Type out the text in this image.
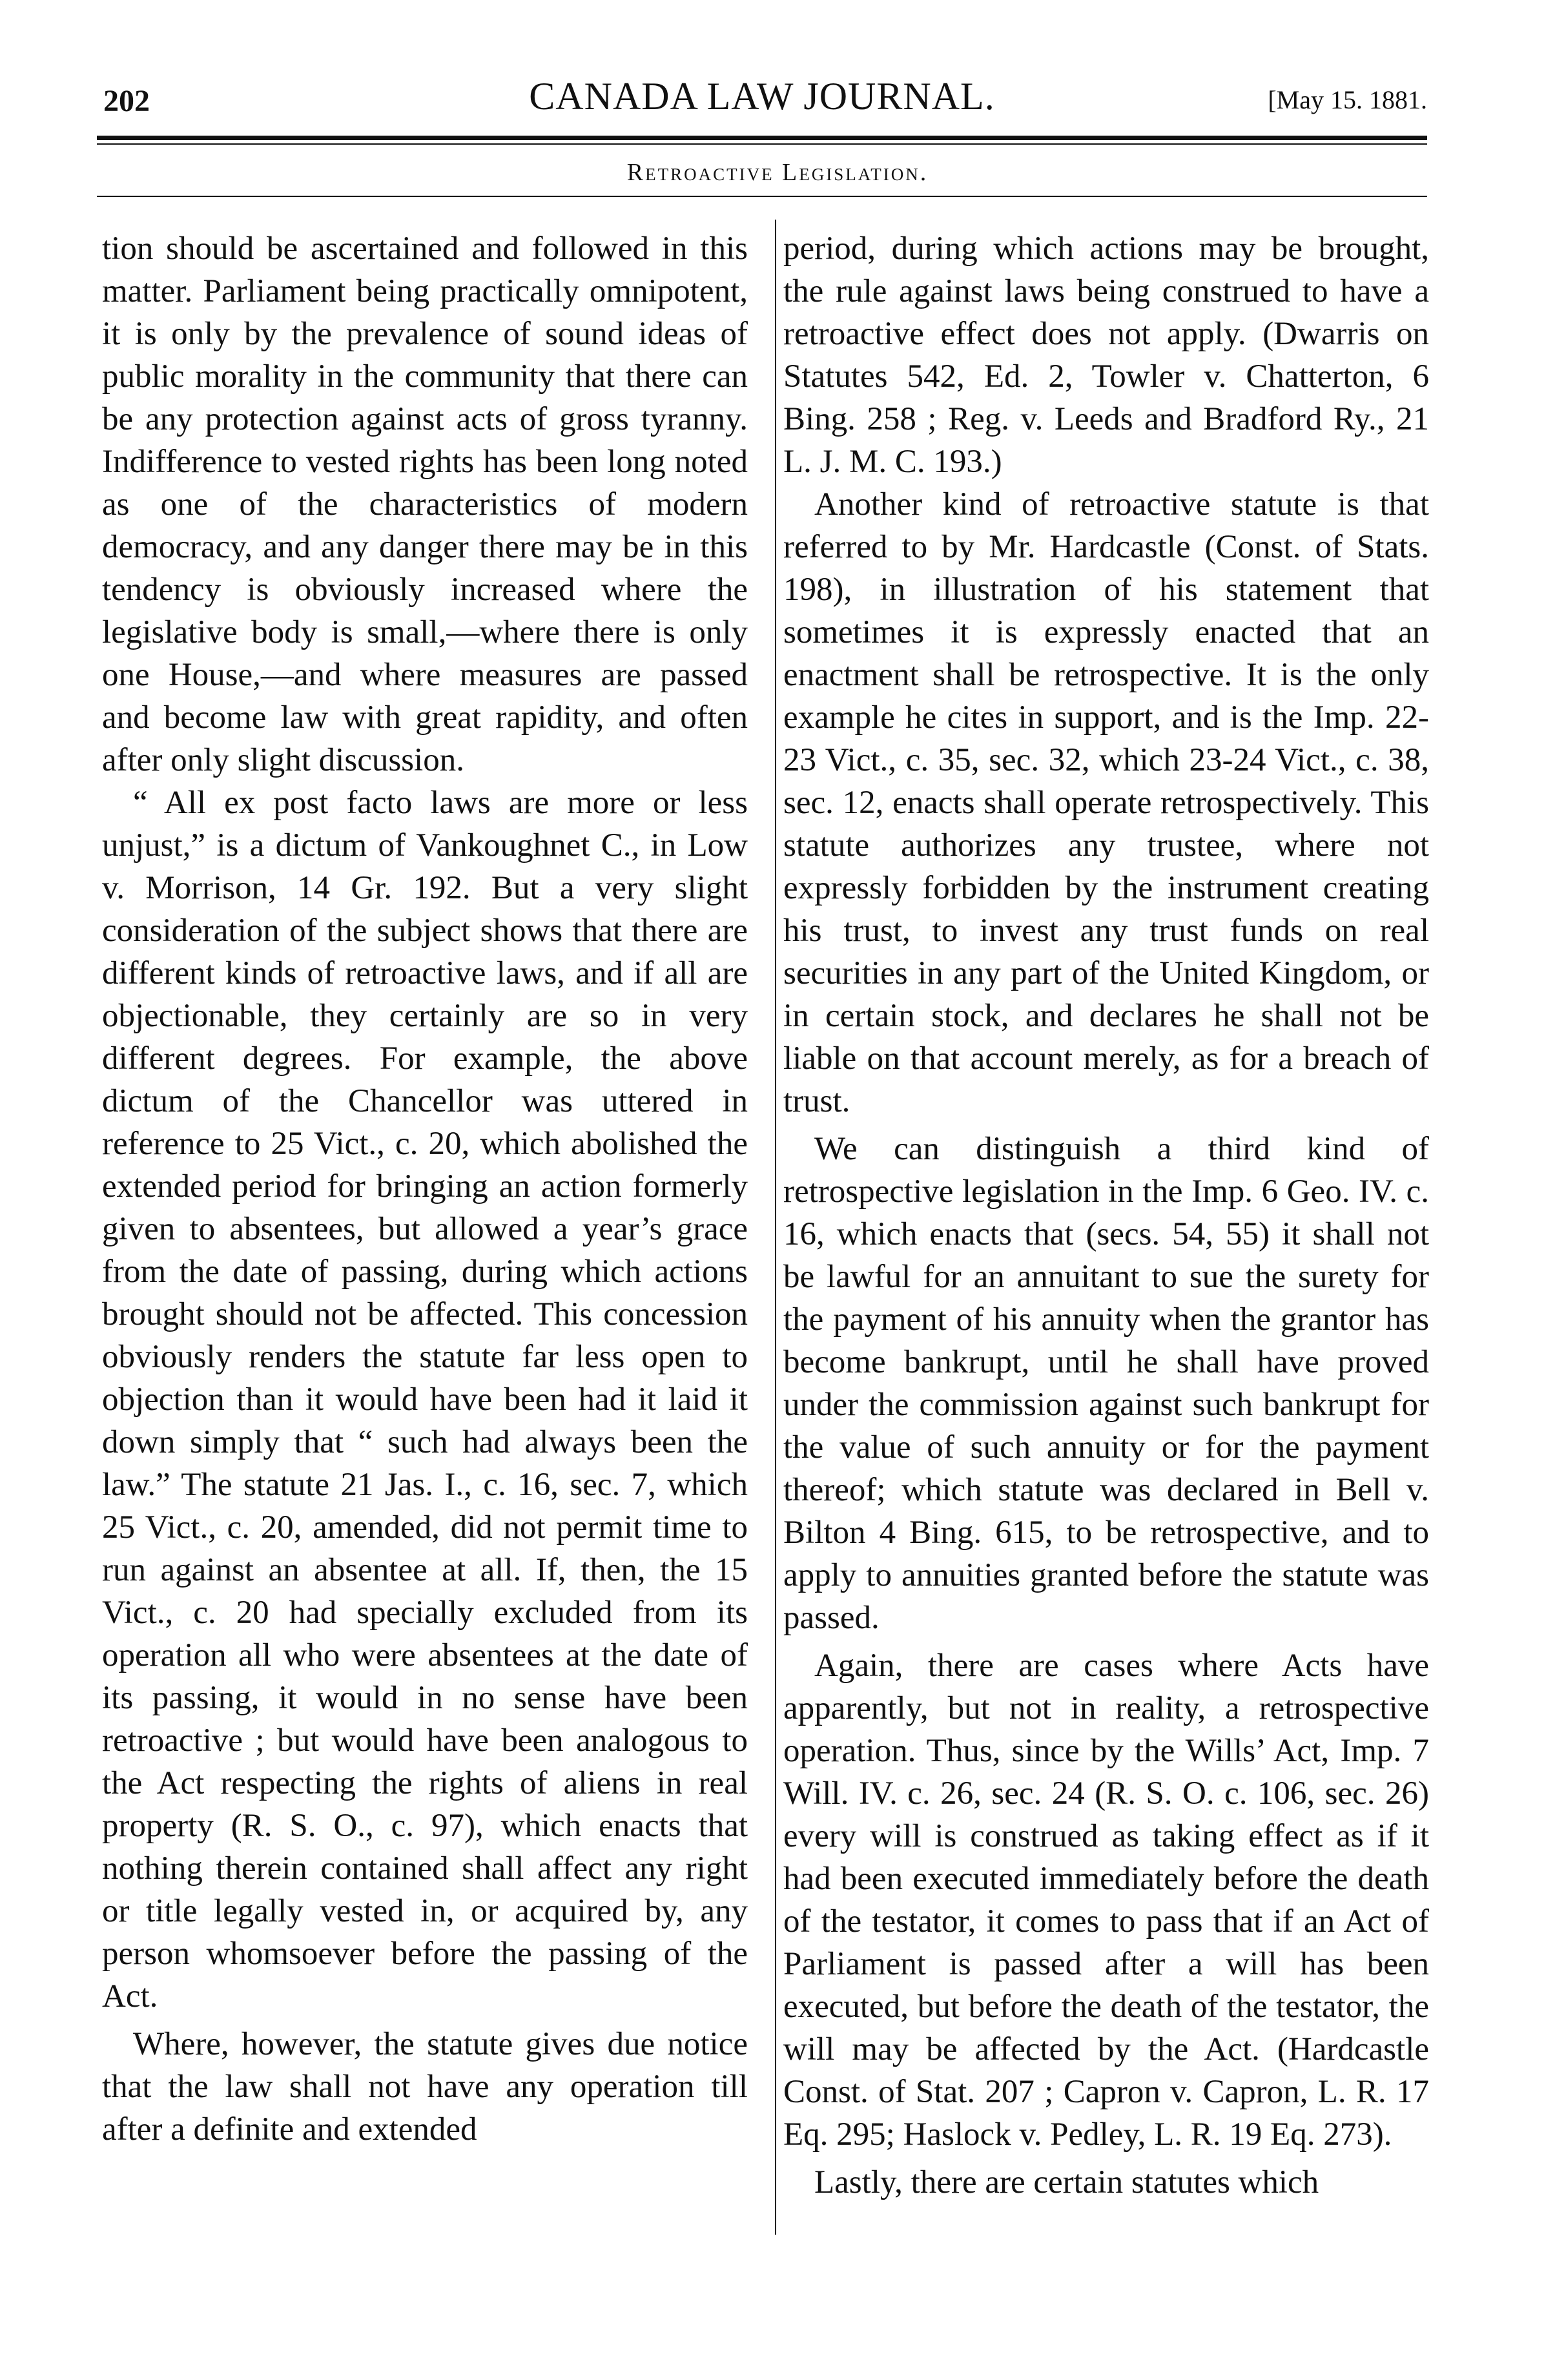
202	CANADA LAW JOURNAL.	[May 15. 1881.
Retroactive Legislation.

tion should be ascertained and followed in this matter. Parliament being practically omnipotent, it is only by the prevalence of sound ideas of public morality in the community that there can be any protection against acts of gross tyranny. Indifference to vested rights has been long noted as one of the characteristics of modern democracy, and any danger there may be in this tendency is obviously increased where the legislative body is small,—where there is only one House,—and where measures are passed and become law with great rapidity, and often after only slight discussion.

“ All ex post facto laws are more or less unjust,” is a dictum of Vankoughnet C., in Low v. Morrison, 14 Gr. 192. But a very slight consideration of the subject shows that there are different kinds of retroactive laws, and if all are objectionable, they certainly are so in very different degrees. For example, the above dictum of the Chancellor was uttered in reference to 25 Vict., c. 20, which abolished the extended period for bringing an action formerly given to absentees, but allowed a year’s grace from the date of passing, during which actions brought should not be affected. This concession obviously renders the statute far less open to objection than it would have been had it laid it down simply that “ such had always been the law.” The statute 21 Jas. I., c. 16, sec. 7, which 25 Vict., c. 20, amended, did not permit time to run against an absentee at all. If, then, the 15 Vict., c. 20 had specially excluded from its operation all who were absentees at the date of its passing, it would in no sense have been retroactive ; but would have been analogous to the Act respecting the rights of aliens in real property (R. S. O., c. 97), which enacts that nothing therein contained shall affect any right or title legally vested in, or acquired by, any person whomsoever before the passing of the Act.

Where, however, the statute gives due notice that the law shall not have any operation till after a definite and extended

period, during which actions may be brought, the rule against laws being construed to have a retroactive effect does not apply. (Dwarris on Statutes 542, Ed. 2, Towler v. Chatterton, 6 Bing. 258 ; Reg. v. Leeds and Bradford Ry., 21 L. J. M. C. 193.)

Another kind of retroactive statute is that referred to by Mr. Hardcastle (Const. of Stats. 198), in illustration of his statement that sometimes it is expressly enacted that an enactment shall be retrospective. It is the only example he cites in support, and is the Imp. 22-23 Vict., c. 35, sec. 32, which 23-24 Vict., c. 38, sec. 12, enacts shall operate retrospectively. This statute authorizes any trustee, where not expressly forbidden by the instrument creating his trust, to invest any trust funds on real securities in any part of the United Kingdom, or in certain stock, and declares he shall not be liable on that account merely, as for a breach of trust.

We can distinguish a third kind of retrospective legislation in the Imp. 6 Geo. IV. c. 16, which enacts that (secs. 54, 55) it shall not be lawful for an annuitant to sue the surety for the payment of his annuity when the grantor has become bankrupt, until he shall have proved under the commission against such bankrupt for the value of such annuity or for the payment thereof; which statute was declared in Bell v. Bilton 4 Bing. 615, to be retrospective, and to apply to annuities granted before the statute was passed.

Again, there are cases where Acts have apparently, but not in reality, a retrospective operation. Thus, since by the Wills’ Act, Imp. 7 Will. IV. c. 26, sec. 24 (R. S. O. c. 106, sec. 26) every will is construed as taking effect as if it had been executed immediately before the death of the testator, it comes to pass that if an Act of Parliament is passed after a will has been executed, but before the death of the testator, the will may be affected by the Act. (Hardcastle Const. of Stat. 207 ; Capron v. Capron, L. R. 17 Eq. 295; Haslock v. Pedley, L. R. 19 Eq. 273).

Lastly, there are certain statutes which
